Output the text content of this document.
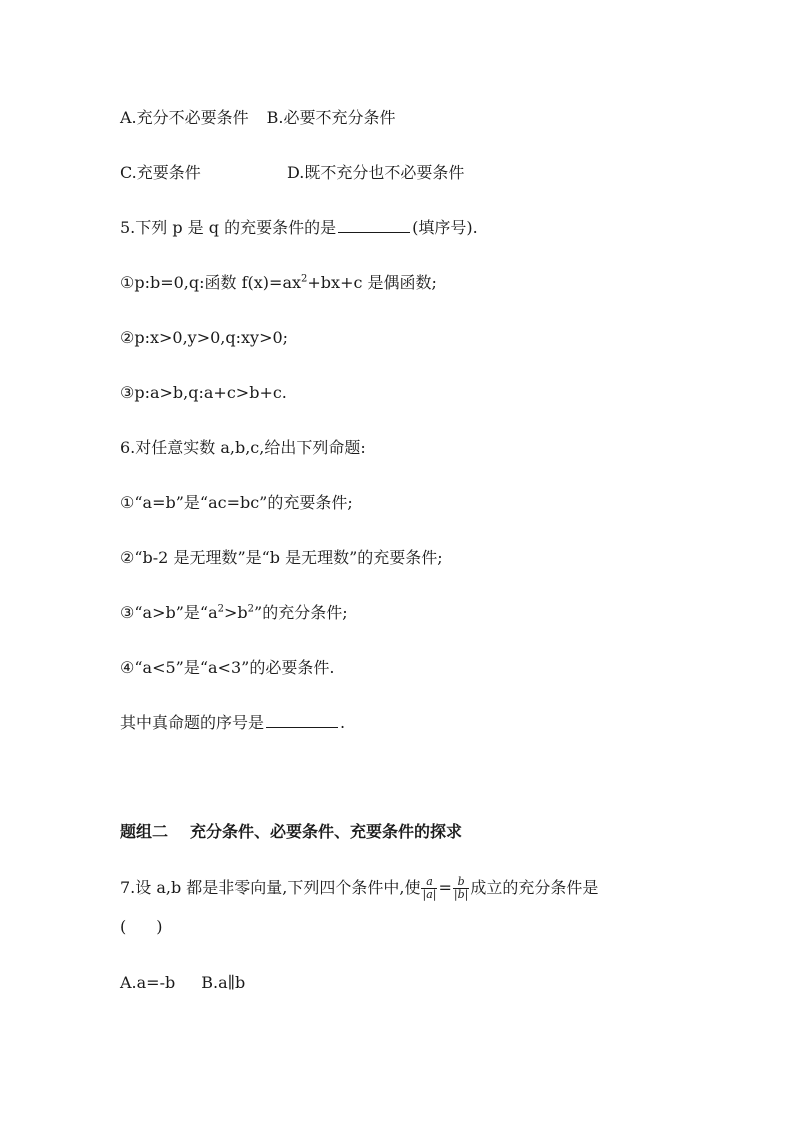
A.充分不必要条件 B.必要不充分条件
C.充要条件	D.既不充分也不必要条件
5.下列 p 是 q 的充要条件的是	(填序号).
①p:b=0,q:函数 $f(x)=ax^2+bx+c$ 是偶函数;
②p:x>0,y>0,q:xy>0;
③p:a>b,q:a+c>b+c.
6.对任意实数 a,b,c,给出下列命题:
①“a=b”是“ac=bc”的充要条件;
②“b-2 是无理数”是“b 是无理数”的充要条件;
③“a>b”是“$a^2>b^2$”的充分条件;
④“a<5”是“a<3”的必要条件.
其中真命题的序号是	.
题组二 充分条件、必要条件、充要条件的探求
7.设 a,b 都是非零向量,下列四个条件中,使 $\frac{a}{|a|} = \frac{b}{|b|}$ 成立的充分条件是
( )
A.a=-b B.a∥b
